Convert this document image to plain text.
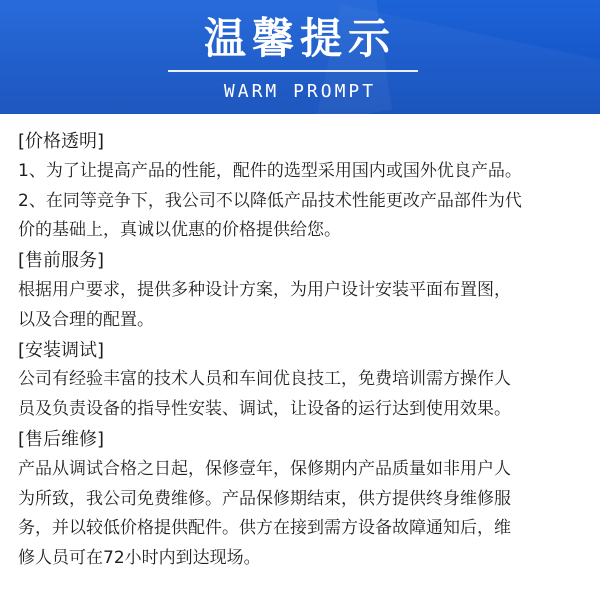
温馨提示
WARM PROMPT
[价格透明]
1、为了让提高产品的性能，配件的选型采用国内或国外优良产品。
2、在同等竞争下，我公司不以降低产品技术性能更改产品部件为代
价的基础上，真诚以优惠的价格提供给您。
[售前服务]
根据用户要求，提供多种设计方案，为用户设计安装平面布置图，
以及合理的配置。
[安装调试]
公司有经验丰富的技术人员和车间优良技工，免费培训需方操作人
员及负责设备的指导性安装、调试，让设备的运行达到使用效果。
[售后维修]
产品从调试合格之日起，保修壹年，保修期内产品质量如非用户人
为所致，我公司免费维修。产品保修期结束，供方提供终身维修服
务，并以较低价格提供配件。供方在接到需方设备故障通知后，维
修人员可在72小时内到达现场。
